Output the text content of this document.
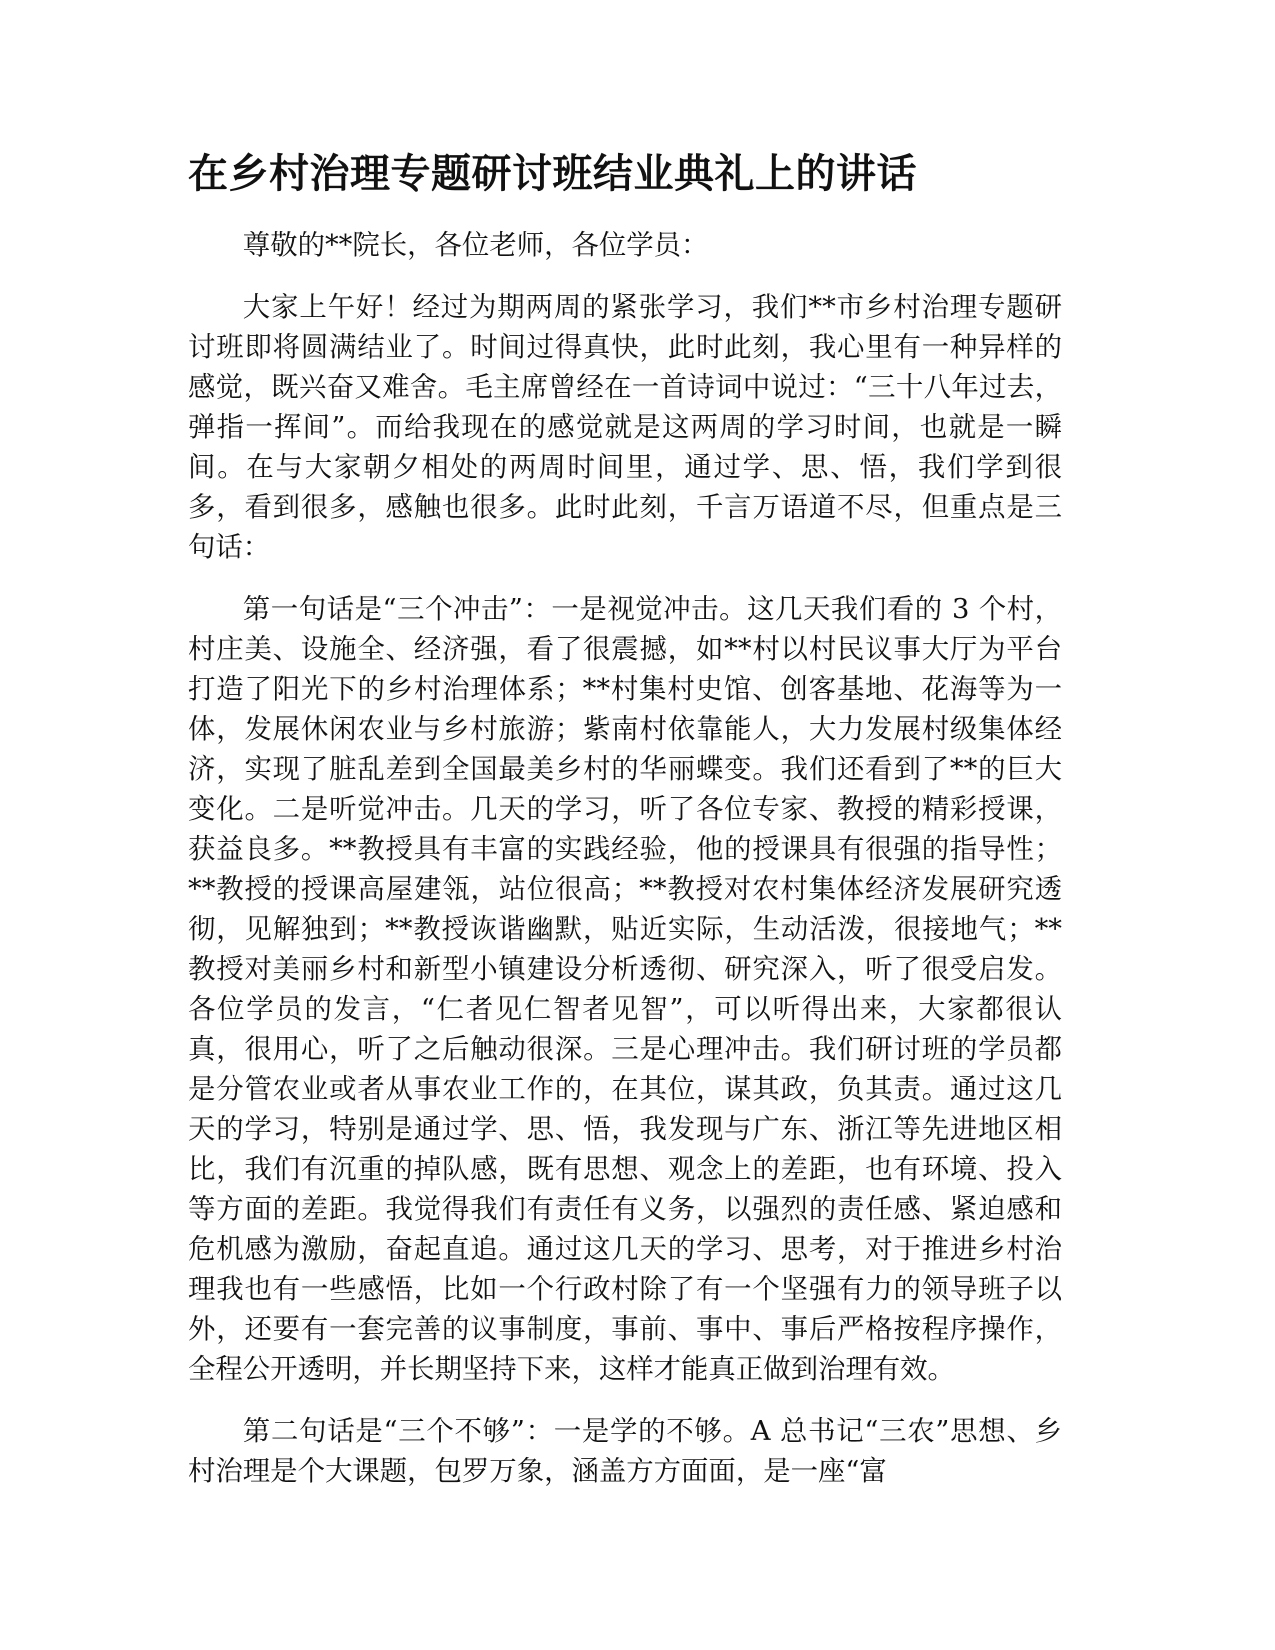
在乡村治理专题研讨班结业典礼上的讲话

尊敬的**院长，各位老师，各位学员：

大家上午好！经过为期两周的紧张学习，我们**市乡村治理专题研讨班即将圆满结业了。时间过得真快，此时此刻，我心里有一种异样的感觉，既兴奋又难舍。毛主席曾经在一首诗词中说过：“三十八年过去，弹指一挥间”。而给我现在的感觉就是这两周的学习时间，也就是一瞬间。在与大家朝夕相处的两周时间里，通过学、思、悟，我们学到很多，看到很多，感触也很多。此时此刻，千言万语道不尽，但重点是三句话：

第一句话是“三个冲击”：一是视觉冲击。这几天我们看的 3 个村，村庄美、设施全、经济强，看了很震撼，如**村以村民议事大厅为平台打造了阳光下的乡村治理体系；**村集村史馆、创客基地、花海等为一体，发展休闲农业与乡村旅游；紫南村依靠能人，大力发展村级集体经济，实现了脏乱差到全国最美乡村的华丽蝶变。我们还看到了**的巨大变化。二是听觉冲击。几天的学习，听了各位专家、教授的精彩授课，获益良多。**教授具有丰富的实践经验，他的授课具有很强的指导性；**教授的授课高屋建瓴，站位很高；**教授对农村集体经济发展研究透彻，见解独到；**教授诙谐幽默，贴近实际，生动活泼，很接地气；**教授对美丽乡村和新型小镇建设分析透彻、研究深入，听了很受启发。各位学员的发言，“仁者见仁智者见智”，可以听得出来，大家都很认真，很用心，听了之后触动很深。三是心理冲击。我们研讨班的学员都是分管农业或者从事农业工作的，在其位，谋其政，负其责。通过这几天的学习，特别是通过学、思、悟，我发现与广东、浙江等先进地区相比，我们有沉重的掉队感，既有思想、观念上的差距，也有环境、投入等方面的差距。我觉得我们有责任有义务，以强烈的责任感、紧迫感和危机感为激励，奋起直追。通过这几天的学习、思考，对于推进乡村治理我也有一些感悟，比如一个行政村除了有一个坚强有力的领导班子以外，还要有一套完善的议事制度，事前、事中、事后严格按程序操作，全程公开透明，并长期坚持下来，这样才能真正做到治理有效。

第二句话是“三个不够”：一是学的不够。A 总书记“三农”思想、乡村治理是个大课题，包罗万象，涵盖方方面面，是一座“富
